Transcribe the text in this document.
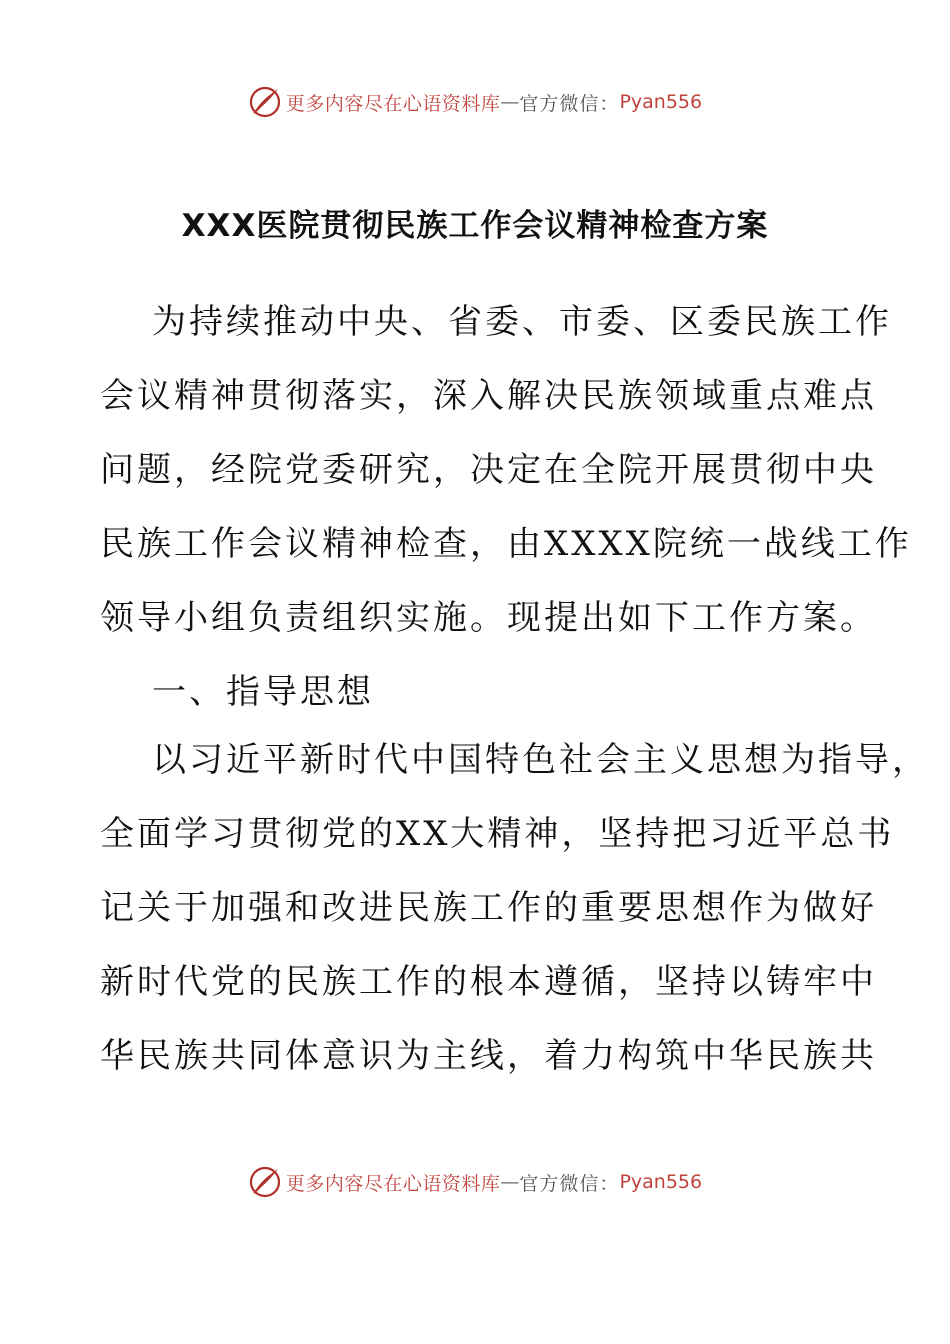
更多内容尽在心语资料库 — 官方微信： Pyan556
XXX医院贯彻民族工作会议精神检查方案

为持续推动中央、省委、市委、区委民族工作

会议精神贯彻落实，深入解决民族领域重点难点

问题，经院党委研究，决定在全院开展贯彻中央

民族工作会议精神检查，由XXXX院统一战线工作

领导小组负责组织实施。现提出如下工作方案。

一、指导思想

以习近平新时代中国特色社会主义思想为指导，

全面学习贯彻党的XX大精神，坚持把习近平总书

记关于加强和改进民族工作的重要思想作为做好

新时代党的民族工作的根本遵循，坚持以铸牢中

华民族共同体意识为主线，着力构筑中华民族共

更多内容尽在心语资料库 — 官方微信： Pyan556
